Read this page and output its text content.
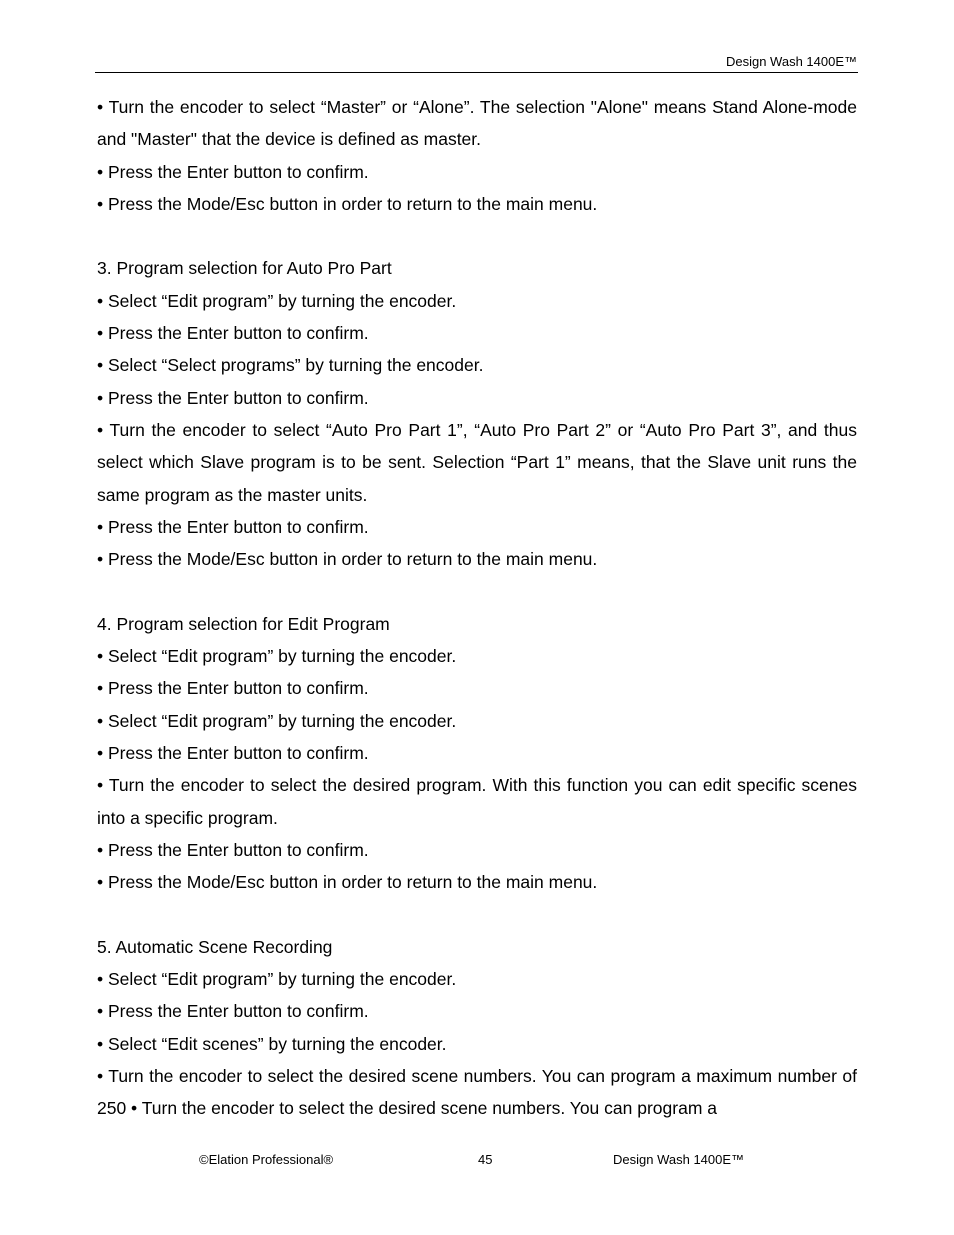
Design Wash 1400E™

• Turn the encoder to select “Master” or “Alone”. The selection "Alone" means Stand Alone-mode and "Master" that the device is defined as master.

• Press the Enter button to confirm.

• Press the Mode/Esc button in order to return to the main menu.

3. Program selection for Auto Pro Part

• Select “Edit program” by turning the encoder.

• Press the Enter button to confirm.

• Select “Select programs” by turning the encoder.

• Press the Enter button to confirm.

• Turn the encoder to select “Auto Pro Part 1”, “Auto Pro Part 2” or “Auto Pro Part 3”, and thus select which Slave program is to be sent. Selection “Part 1” means, that the Slave unit runs the same program as the master units.

• Press the Enter button to confirm.

• Press the Mode/Esc button in order to return to the main menu.

4. Program selection for Edit Program

• Select “Edit program” by turning the encoder.

• Press the Enter button to confirm.

• Select “Edit program” by turning the encoder.

• Press the Enter button to confirm.

• Turn the encoder to select the desired program. With this function you can edit specific scenes into a specific program.

• Press the Enter button to confirm.

• Press the Mode/Esc button in order to return to the main menu.

5. Automatic Scene Recording

• Select “Edit program” by turning the encoder.

• Press the Enter button to confirm.

• Select “Edit scenes” by turning the encoder.

• Turn the encoder to select the desired scene numbers. You can program a maximum number of 250 • Turn the encoder to select the desired scene numbers. You can program a

©Elation Professional®	45	Design Wash 1400E™
